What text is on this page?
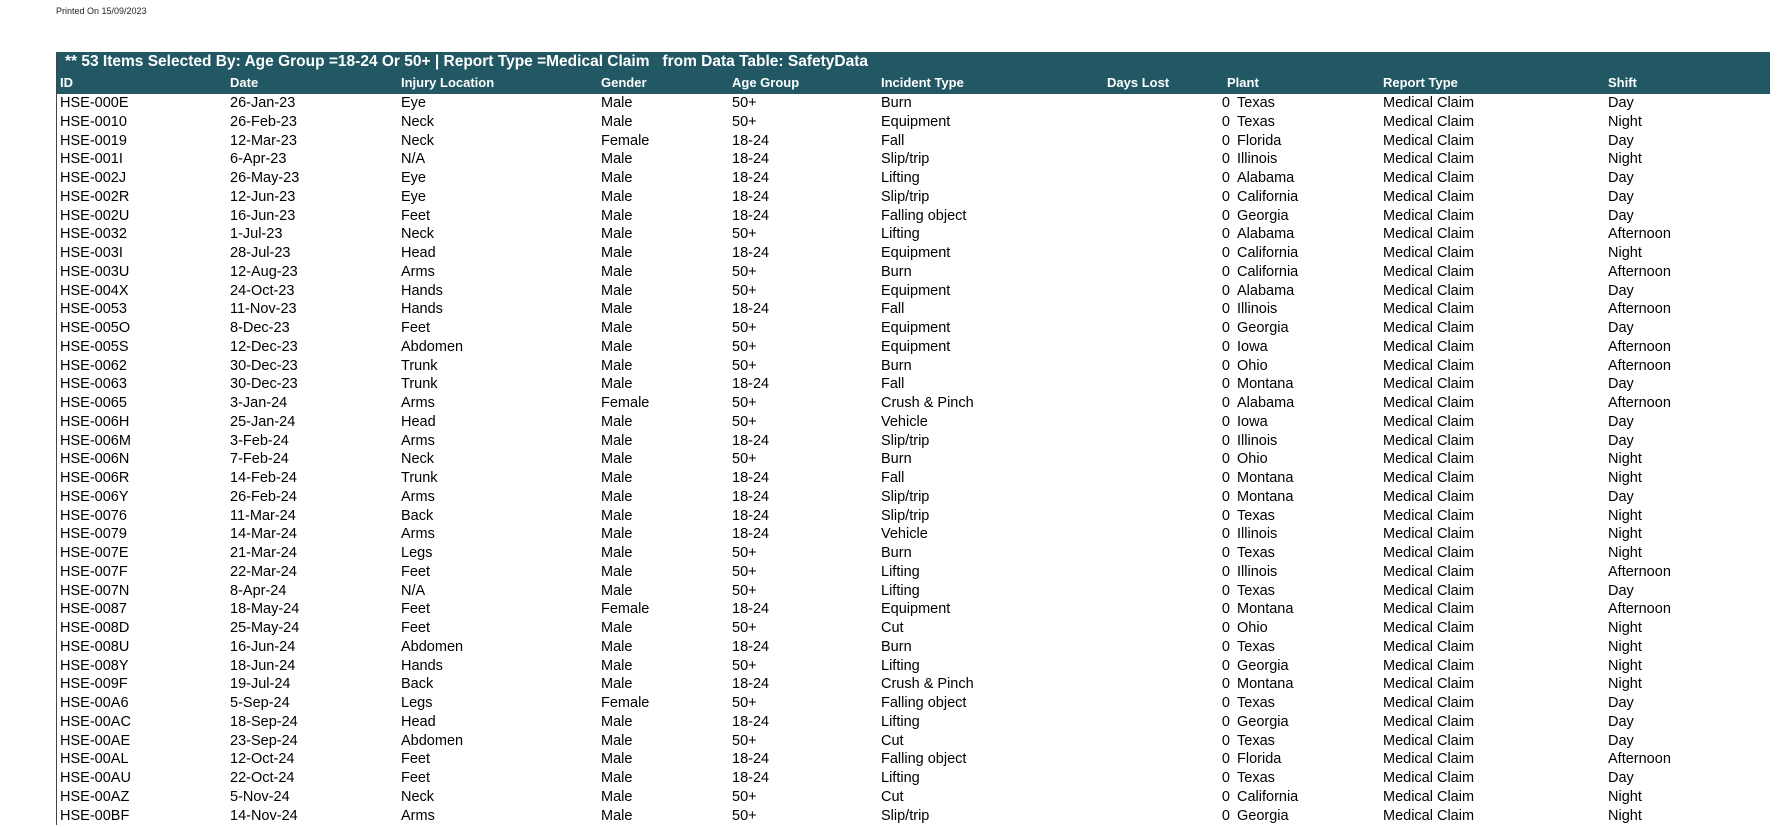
Printed On 15/09/2023
** 53 Items Selected By: Age Group =18-24 Or 50+ | Report Type =Medical Claim   from Data Table: SafetyData
ID	Date	Injury Location	Gender	Age Group	Incident Type	Days Lost	Plant	Report Type	Shift
HSE-000E	26-Jan-23	Eye	Male	50+	Burn	0 Texas	Medical Claim	Day
HSE-0010	26-Feb-23	Neck	Male	50+	Equipment	0 Texas	Medical Claim	Night
HSE-0019	12-Mar-23	Neck	Female	18-24	Fall	0 Florida	Medical Claim	Day
HSE-001I	6-Apr-23	N/A	Male	18-24	Slip/trip	0 Illinois	Medical Claim	Night
HSE-002J	26-May-23	Eye	Male	18-24	Lifting	0 Alabama	Medical Claim	Day
HSE-002R	12-Jun-23	Eye	Male	18-24	Slip/trip	0 California	Medical Claim	Day
HSE-002U	16-Jun-23	Feet	Male	18-24	Falling object	0 Georgia	Medical Claim	Day
HSE-0032	1-Jul-23	Neck	Male	50+	Lifting	0 Alabama	Medical Claim	Afternoon
HSE-003I	28-Jul-23	Head	Male	18-24	Equipment	0 California	Medical Claim	Night
HSE-003U	12-Aug-23	Arms	Male	50+	Burn	0 California	Medical Claim	Afternoon
HSE-004X	24-Oct-23	Hands	Male	50+	Equipment	0 Alabama	Medical Claim	Day
HSE-0053	11-Nov-23	Hands	Male	18-24	Fall	0 Illinois	Medical Claim	Afternoon
HSE-005O	8-Dec-23	Feet	Male	50+	Equipment	0 Georgia	Medical Claim	Day
HSE-005S	12-Dec-23	Abdomen	Male	50+	Equipment	0 Iowa	Medical Claim	Afternoon
HSE-0062	30-Dec-23	Trunk	Male	50+	Burn	0 Ohio	Medical Claim	Afternoon
HSE-0063	30-Dec-23	Trunk	Male	18-24	Fall	0 Montana	Medical Claim	Day
HSE-0065	3-Jan-24	Arms	Female	50+	Crush & Pinch	0 Alabama	Medical Claim	Afternoon
HSE-006H	25-Jan-24	Head	Male	50+	Vehicle	0 Iowa	Medical Claim	Day
HSE-006M	3-Feb-24	Arms	Male	18-24	Slip/trip	0 Illinois	Medical Claim	Day
HSE-006N	7-Feb-24	Neck	Male	50+	Burn	0 Ohio	Medical Claim	Night
HSE-006R	14-Feb-24	Trunk	Male	18-24	Fall	0 Montana	Medical Claim	Night
HSE-006Y	26-Feb-24	Arms	Male	18-24	Slip/trip	0 Montana	Medical Claim	Day
HSE-0076	11-Mar-24	Back	Male	18-24	Slip/trip	0 Texas	Medical Claim	Night
HSE-0079	14-Mar-24	Arms	Male	18-24	Vehicle	0 Illinois	Medical Claim	Night
HSE-007E	21-Mar-24	Legs	Male	50+	Burn	0 Texas	Medical Claim	Night
HSE-007F	22-Mar-24	Feet	Male	50+	Lifting	0 Illinois	Medical Claim	Afternoon
HSE-007N	8-Apr-24	N/A	Male	50+	Lifting	0 Texas	Medical Claim	Day
HSE-0087	18-May-24	Feet	Female	18-24	Equipment	0 Montana	Medical Claim	Afternoon
HSE-008D	25-May-24	Feet	Male	50+	Cut	0 Ohio	Medical Claim	Night
HSE-008U	16-Jun-24	Abdomen	Male	18-24	Burn	0 Texas	Medical Claim	Night
HSE-008Y	18-Jun-24	Hands	Male	50+	Lifting	0 Georgia	Medical Claim	Night
HSE-009F	19-Jul-24	Back	Male	18-24	Crush & Pinch	0 Montana	Medical Claim	Night
HSE-00A6	5-Sep-24	Legs	Female	50+	Falling object	0 Texas	Medical Claim	Day
HSE-00AC	18-Sep-24	Head	Male	18-24	Lifting	0 Georgia	Medical Claim	Day
HSE-00AE	23-Sep-24	Abdomen	Male	50+	Cut	0 Texas	Medical Claim	Day
HSE-00AL	12-Oct-24	Feet	Male	18-24	Falling object	0 Florida	Medical Claim	Afternoon
HSE-00AU	22-Oct-24	Feet	Male	18-24	Lifting	0 Texas	Medical Claim	Day
HSE-00AZ	5-Nov-24	Neck	Male	50+	Cut	0 California	Medical Claim	Night
HSE-00BF	14-Nov-24	Arms	Male	50+	Slip/trip	0 Georgia	Medical Claim	Night
